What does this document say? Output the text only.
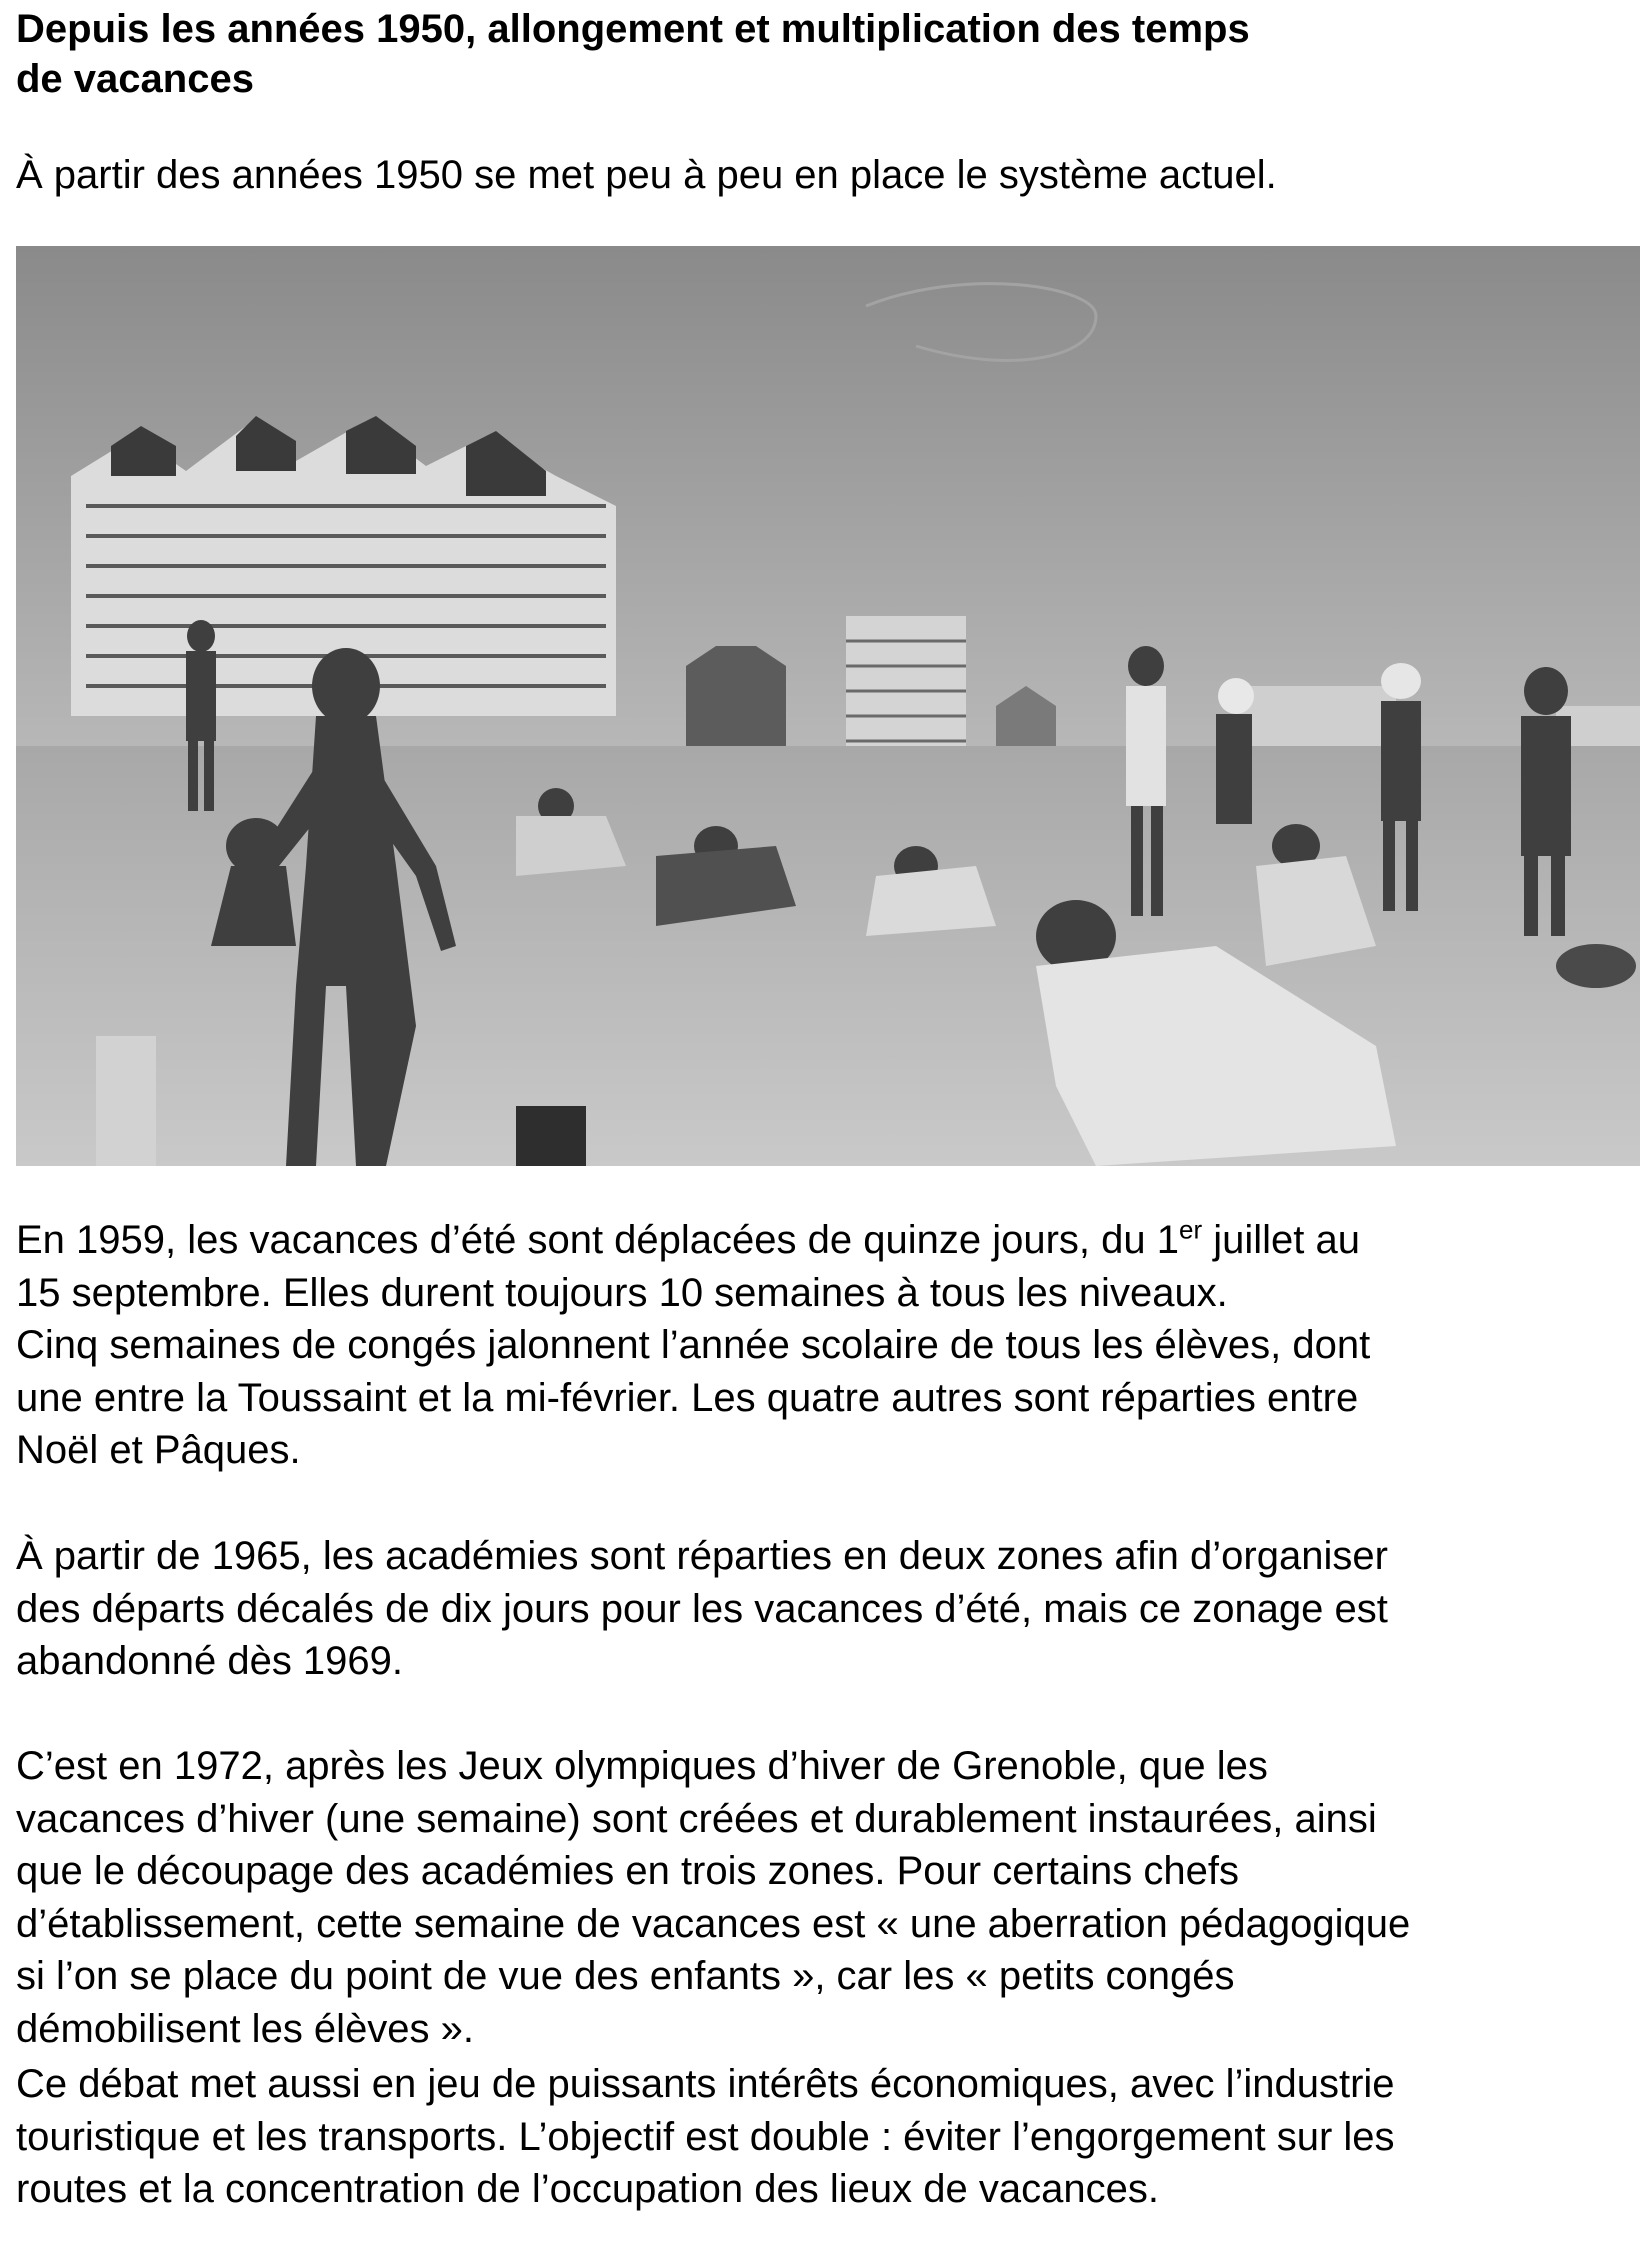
Depuis les années 1950, allongement et multiplication des temps
de vacances

À partir des années 1950 se met peu à peu en place le système actuel.

En 1959, les vacances d’été sont déplacées de quinze jours, du 1er juillet au
15 septembre. Elles durent toujours 10 semaines à tous les niveaux.
Cinq semaines de congés jalonnent l’année scolaire de tous les élèves, dont
une entre la Toussaint et la mi-février. Les quatre autres sont réparties entre
Noël et Pâques.

À partir de 1965, les académies sont réparties en deux zones afin d’organiser
des départs décalés de dix jours pour les vacances d’été, mais ce zonage est
abandonné dès 1969.

C’est en 1972, après les Jeux olympiques d’hiver de Grenoble, que les
vacances d’hiver (une semaine) sont créées et durablement instaurées, ainsi
que le découpage des académies en trois zones. Pour certains chefs
d’établissement, cette semaine de vacances est « une aberration pédagogique
si l’on se place du point de vue des enfants », car les « petits congés
démobilisent les élèves ».

Ce débat met aussi en jeu de puissants intérêts économiques, avec l’industrie
touristique et les transports. L’objectif est double : éviter l’engorgement sur les
routes et la concentration de l’occupation des lieux de vacances.
